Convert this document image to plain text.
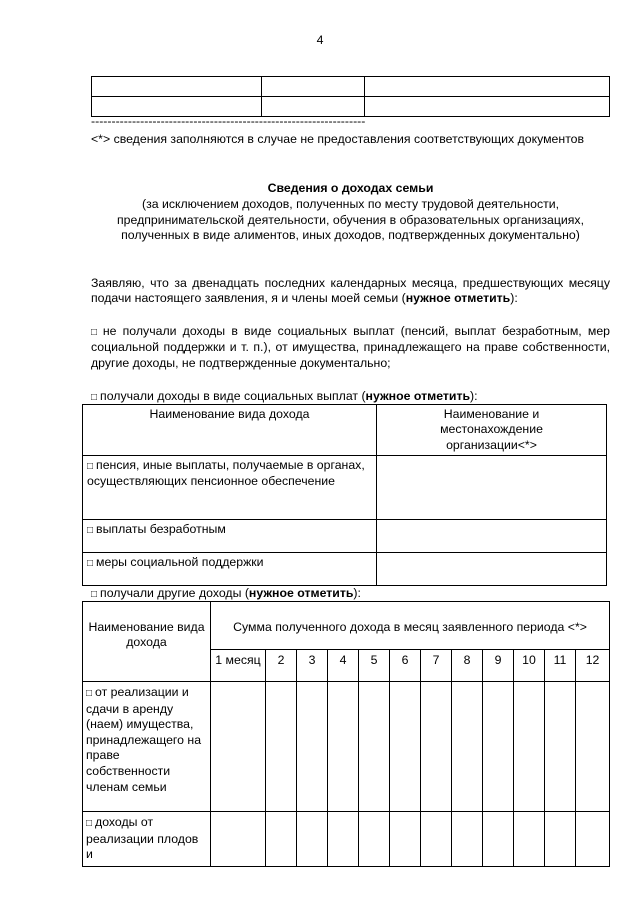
4

-------------------------------------------------------------------
<*> сведения заполняются в случае не предоставления соответствующих документов
Сведения о доходах семьи
(за исключением доходов, полученных по месту трудовой деятельности, предпринимательской деятельности, обучения в образовательных организациях, полученных в виде алиментов, иных доходов, подтвержденных документально)
Заявляю, что за двенадцать последних календарных месяца, предшествующих месяцу подачи настоящего заявления, я и члены моей семьи (нужное отметить):
□ не получали доходы в виде социальных выплат (пенсий, выплат безработным, мер социальной поддержки и т. п.), от имущества, принадлежащего на праве собственности, другие доходы, не подтвержденные документально;
□ получали доходы в виде социальных выплат (нужное отметить):
Наименование вида дохода	Наименование и местонахождение организации<*>
□ пенсия, иные выплаты, получаемые в органах, осуществляющих пенсионное обеспечение	
□ выплаты безработным	
□ меры социальной поддержки	
□ получали другие доходы (нужное отметить):
Наименование вида дохода	Сумма полученного дохода в месяц заявленного периода <*>											
	1 месяц	2	3	4	5	6	7	8	9	10	11	12
□ от реализации и сдачи в аренду (наем) имущества, принадлежащего на праве собственности членам семьи												
□ доходы от реализации плодов и												
